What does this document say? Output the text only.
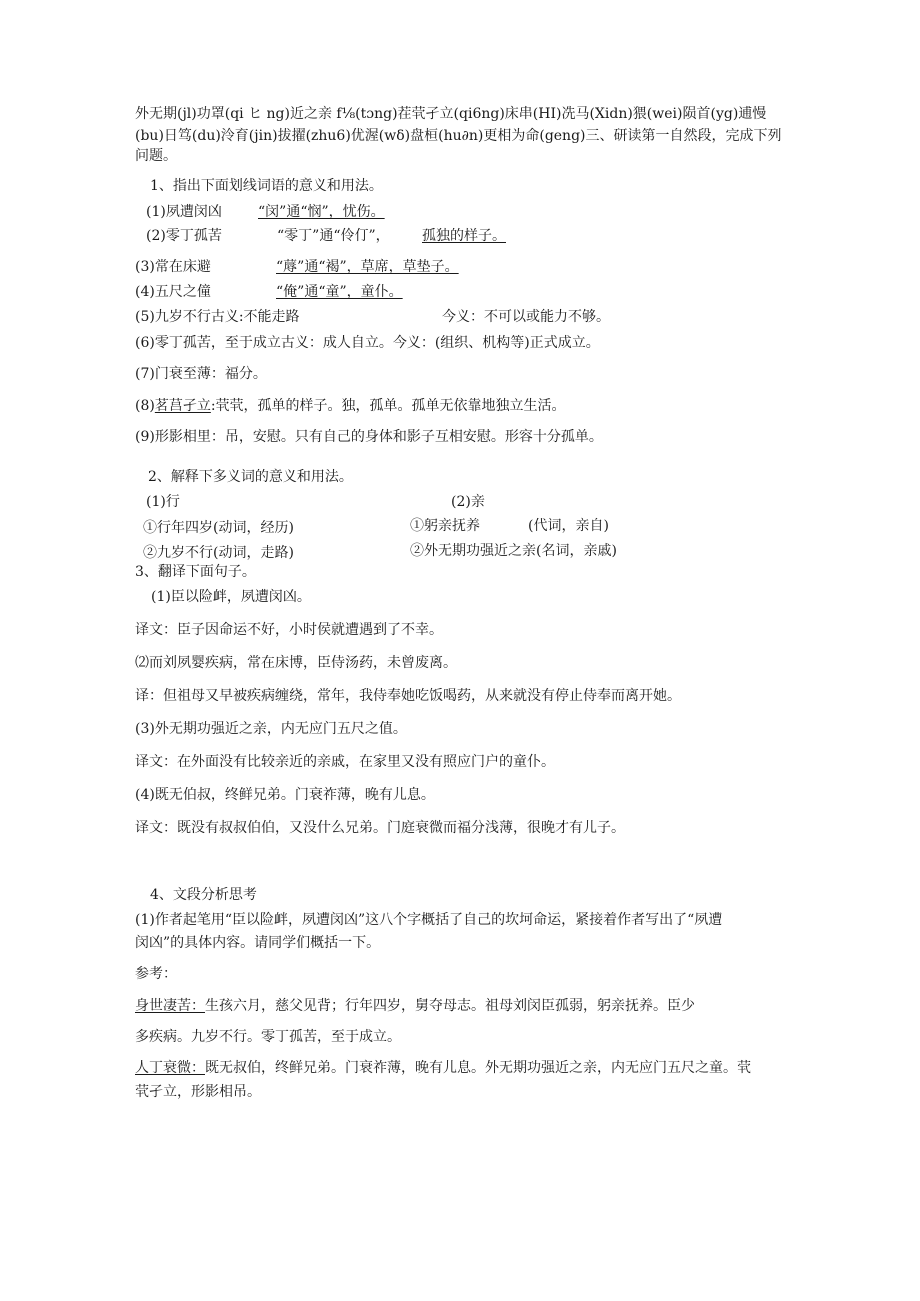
外无期(jl)功罩(qi ヒ ng)近之亲 f⅛(tɔng)茬茕孑立(qi6ng)床串(HI)冼马(Xidn)猥(wei)陨首(yg)逋慢
(bu)日笃(du)泠育(jin)拔擢(zhu6)优渥(wδ)盘桓(hu∂n)更相为命(geng)三、研读第一自然段，完成下列
问题。
1、指出下面划线词语的意义和用法。
(1)夙遭闵凶	“闵”通“悯”，忧伤。
(2)零丁孤苦	“零丁”通“伶仃”， 孤独的样子。
(3)常在床避	“蓐”通“褐”，草席，草垫子。
(4)五尺之僮	“俺”通“童”，童仆。
(5)九岁不行古义:不能走路	今义：不可以或能力不够。
(6)零丁孤苦，至于成立古义：成人自立。今义：(组织、机构等)正式成立。
(7)门衰至薄：福分。
(8)茗莒孑立:茕茕，孤单的样子。独，孤单。孤单无依靠地独立生活。
(9)形影相里：吊，安慰。只有自己的身体和影子互相安慰。形容十分孤单。
2、解释下多义词的意义和用法。
(1)行	(2)亲
①行年四岁(动词，经历)	①躬亲抚养	(代词，亲自)
②九岁不行(动词，走路)	②外无期功强近之亲(名词，亲戚)
3、翻译下面句子。
(1)臣以险衅，夙遭闵凶。
译文：臣子因命运不好，小时侯就遭遇到了不幸。
⑵而刘夙婴疾病，常在床博，臣侍汤药，未曾废离。
译：但祖母又早被疾病缠绕，常年，我侍奉她吃饭喝药，从来就没有停止侍奉而离开她。
(3)外无期功强近之亲，内无应门五尺之值。
译文：在外面没有比较亲近的亲戚，在家里又没有照应门户的童仆。
(4)既无伯叔，终鲜兄弟。门衰祚薄，晚有儿息。
译文：既没有叔叔伯伯，又没什么兄弟。门庭衰微而福分浅薄，很晚才有儿子。
4、文段分析思考
(1)作者起笔用“臣以险衅，夙遭闵凶”这八个字概括了自己的坎坷命运，紧接着作者写出了“夙遭
闵凶”的具体内容。请同学们概括一下。
参考：
身世凄苦：生孩六月，慈父见背；行年四岁，舅夺母志。祖母刘闵臣孤弱，躬亲抚养。臣少
多疾病。九岁不行。零丁孤苦，至于成立。
人丁衰微：既无叔伯，终鲜兄弟。门衰祚薄，晚有儿息。外无期功强近之亲，内无应门五尺之童。茕
茕孑立，形影相吊。
